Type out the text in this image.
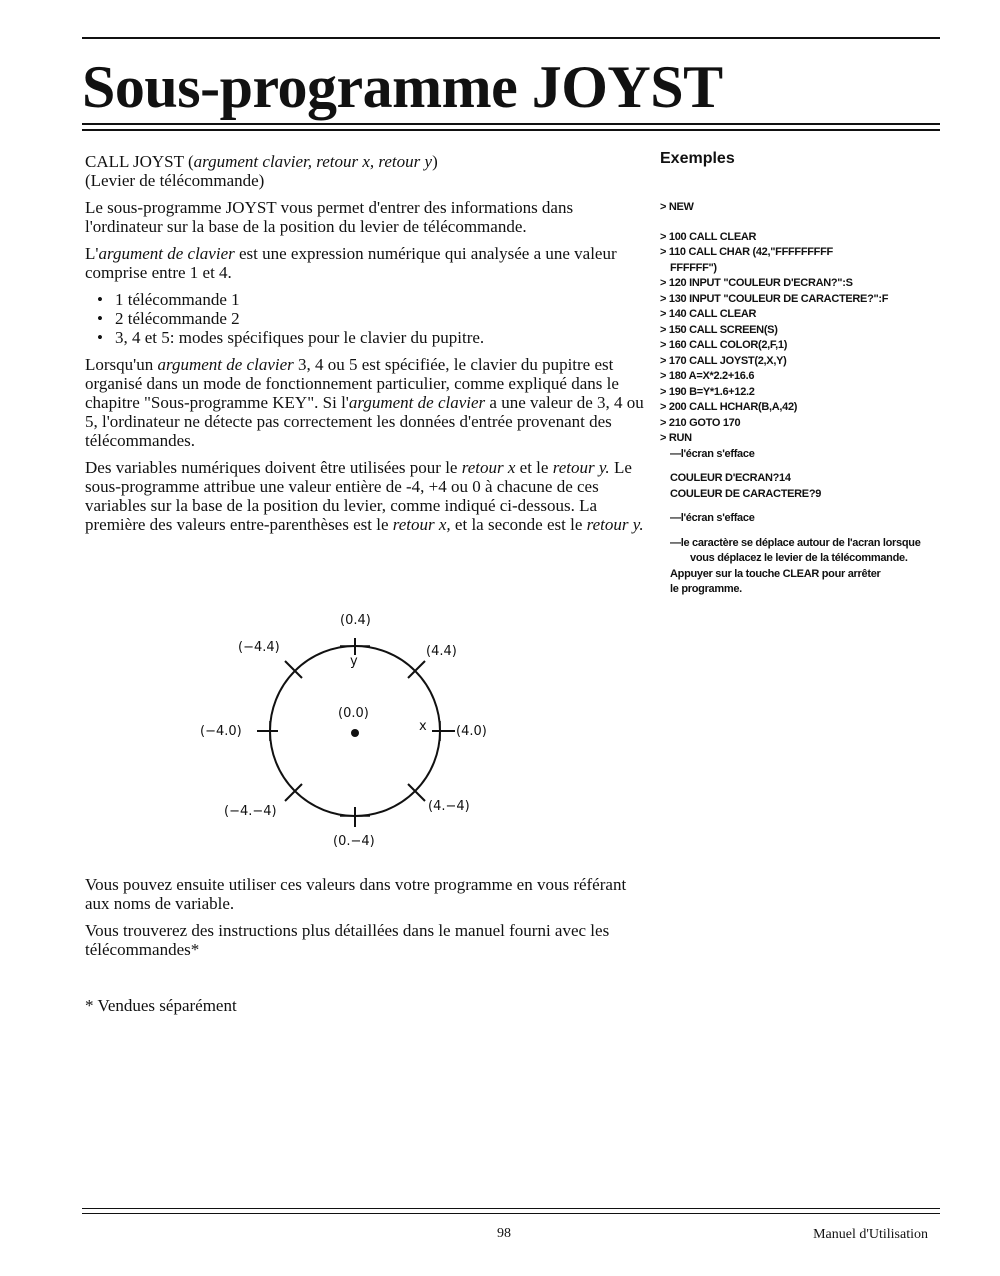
Sous-programme JOYST

CALL JOYST (argument clavier, retour x, retour y)

(Levier de télécommande)

Le sous-programme JOYST vous permet d'entrer des informations dans l'ordinateur sur la base de la position du levier de télécommande.

L'argument de clavier est une expression numérique qui analysée a une valeur comprise entre 1 et 4.

• 1 télécommande 1
• 2 télécommande 2
• 3, 4 et 5: modes spécifiques pour le clavier du pupitre.

Lorsqu'un argument de clavier 3, 4 ou 5 est spécifiée, le clavier du pupitre est organisé dans un mode de fonctionnement particulier, comme expliqué dans le chapitre "Sous-programme KEY". Si l'argument de clavier a une valeur de 3, 4 ou 5, l'ordinateur ne détecte pas correctement les données d'entrée provenant des télécommandes.

Des variables numériques doivent être utilisées pour le retour x et le retour y. Le sous-programme attribue une valeur entière de -4, +4 ou 0 à chacune de ces variables sur la base de la position du levier, comme indiqué ci-dessous. La première des valeurs entre-parenthèses est le retour x, et la seconde est le retour y.

(0.4)
(−4.4)	(4.4)
y
(0.0)
(−4.0)	x (4.0)
(−4.−4)	(4.−4)
(0.−4)

Vous pouvez ensuite utiliser ces valeurs dans votre programme en vous référant aux noms de variable.

Vous trouverez des instructions plus détaillées dans le manuel fourni avec les télécommandes*

* Vendues séparément
Exemples
> NEW
> 100 CALL CLEAR
> 110 CALL CHAR (42,"FFFFFFFFF
FFFFFF")
> 120 INPUT "COULEUR D'ECRAN?":S
> 130 INPUT "COULEUR DE CARACTERE?":F
> 140 CALL CLEAR
> 150 CALL SCREEN(S)
> 160 CALL COLOR(2,F,1)
> 170 CALL JOYST(2,X,Y)
> 180 A=X*2.2+16.6
> 190 B=Y*1.6+12.2
> 200 CALL HCHAR(B,A,42)
> 210 GOTO 170
> RUN
—l'écran s'efface
COULEUR D'ECRAN?14
COULEUR DE CARACTERE?9
—l'écran s'efface
—le caractère se déplace autour de l'acran lorsque
vous déplacez le levier de la télécommande.
Appuyer sur la touche CLEAR pour arrêter
le programme.
98	Manuel d'Utilisation
